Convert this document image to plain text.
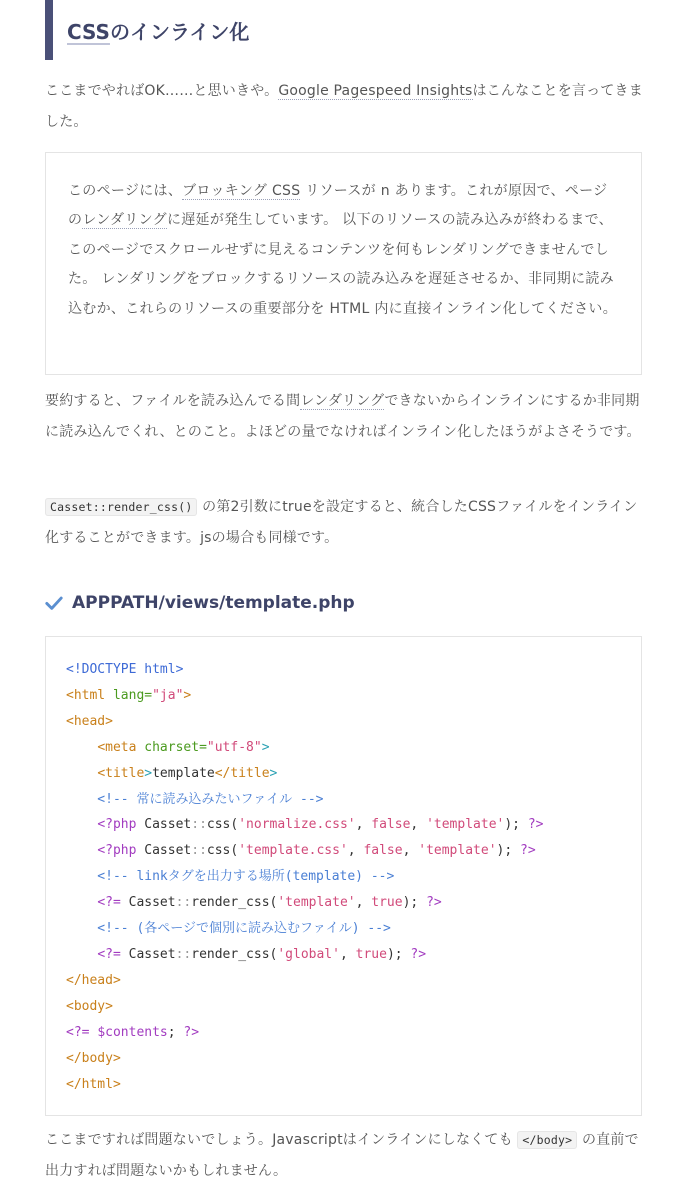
CSSのインライン化
ここまでやればOK……と思いきや。Google Pagespeed Insightsはこんなことを言ってきました。

このページには、ブロッキング CSS リソースが n あります。これが原因で、ページのレンダリングに遅延が発生しています。 以下のリソースの読み込みが終わるまで、このページでスクロールせずに見えるコンテンツを何もレンダリングできませんでした。 レンダリングをブロックするリソースの読み込みを遅延させるか、非同期に読み込むか、これらのリソースの重要部分を HTML 内に直接インライン化してください。

要約すると、ファイルを読み込んでる間レンダリングできないからインラインにするか非同期に読み込んでくれ、とのこと。よほどの量でなければインライン化したほうがよさそうです。
Casset::render_css() の第2引数にtrueを設定すると、統合したCSSファイルをインライン化することができます。jsの場合も同様です。
APPPATH/views/template.php
<!DOCTYPE html>
<html lang="ja">
<head>
<meta charset="utf-8">
<title>template</title>
<!-- 常に読み込みたいファイル -->
<?php Casset::css('normalize.css', false, 'template'); ?>
<?php Casset::css('template.css', false, 'template'); ?>
<!-- linkタグを出力する場所(template) -->
<?= Casset::render_css('template', true); ?>
<!-- (各ページで個別に読み込むファイル) -->
<?= Casset::render_css('global', true); ?>
</head>
<body>
<?= $contents; ?>
</body>
</html>
ここまですれば問題ないでしょう。Javascriptはインラインにしなくても </body> の直前で出力すれば問題ないかもしれません。
